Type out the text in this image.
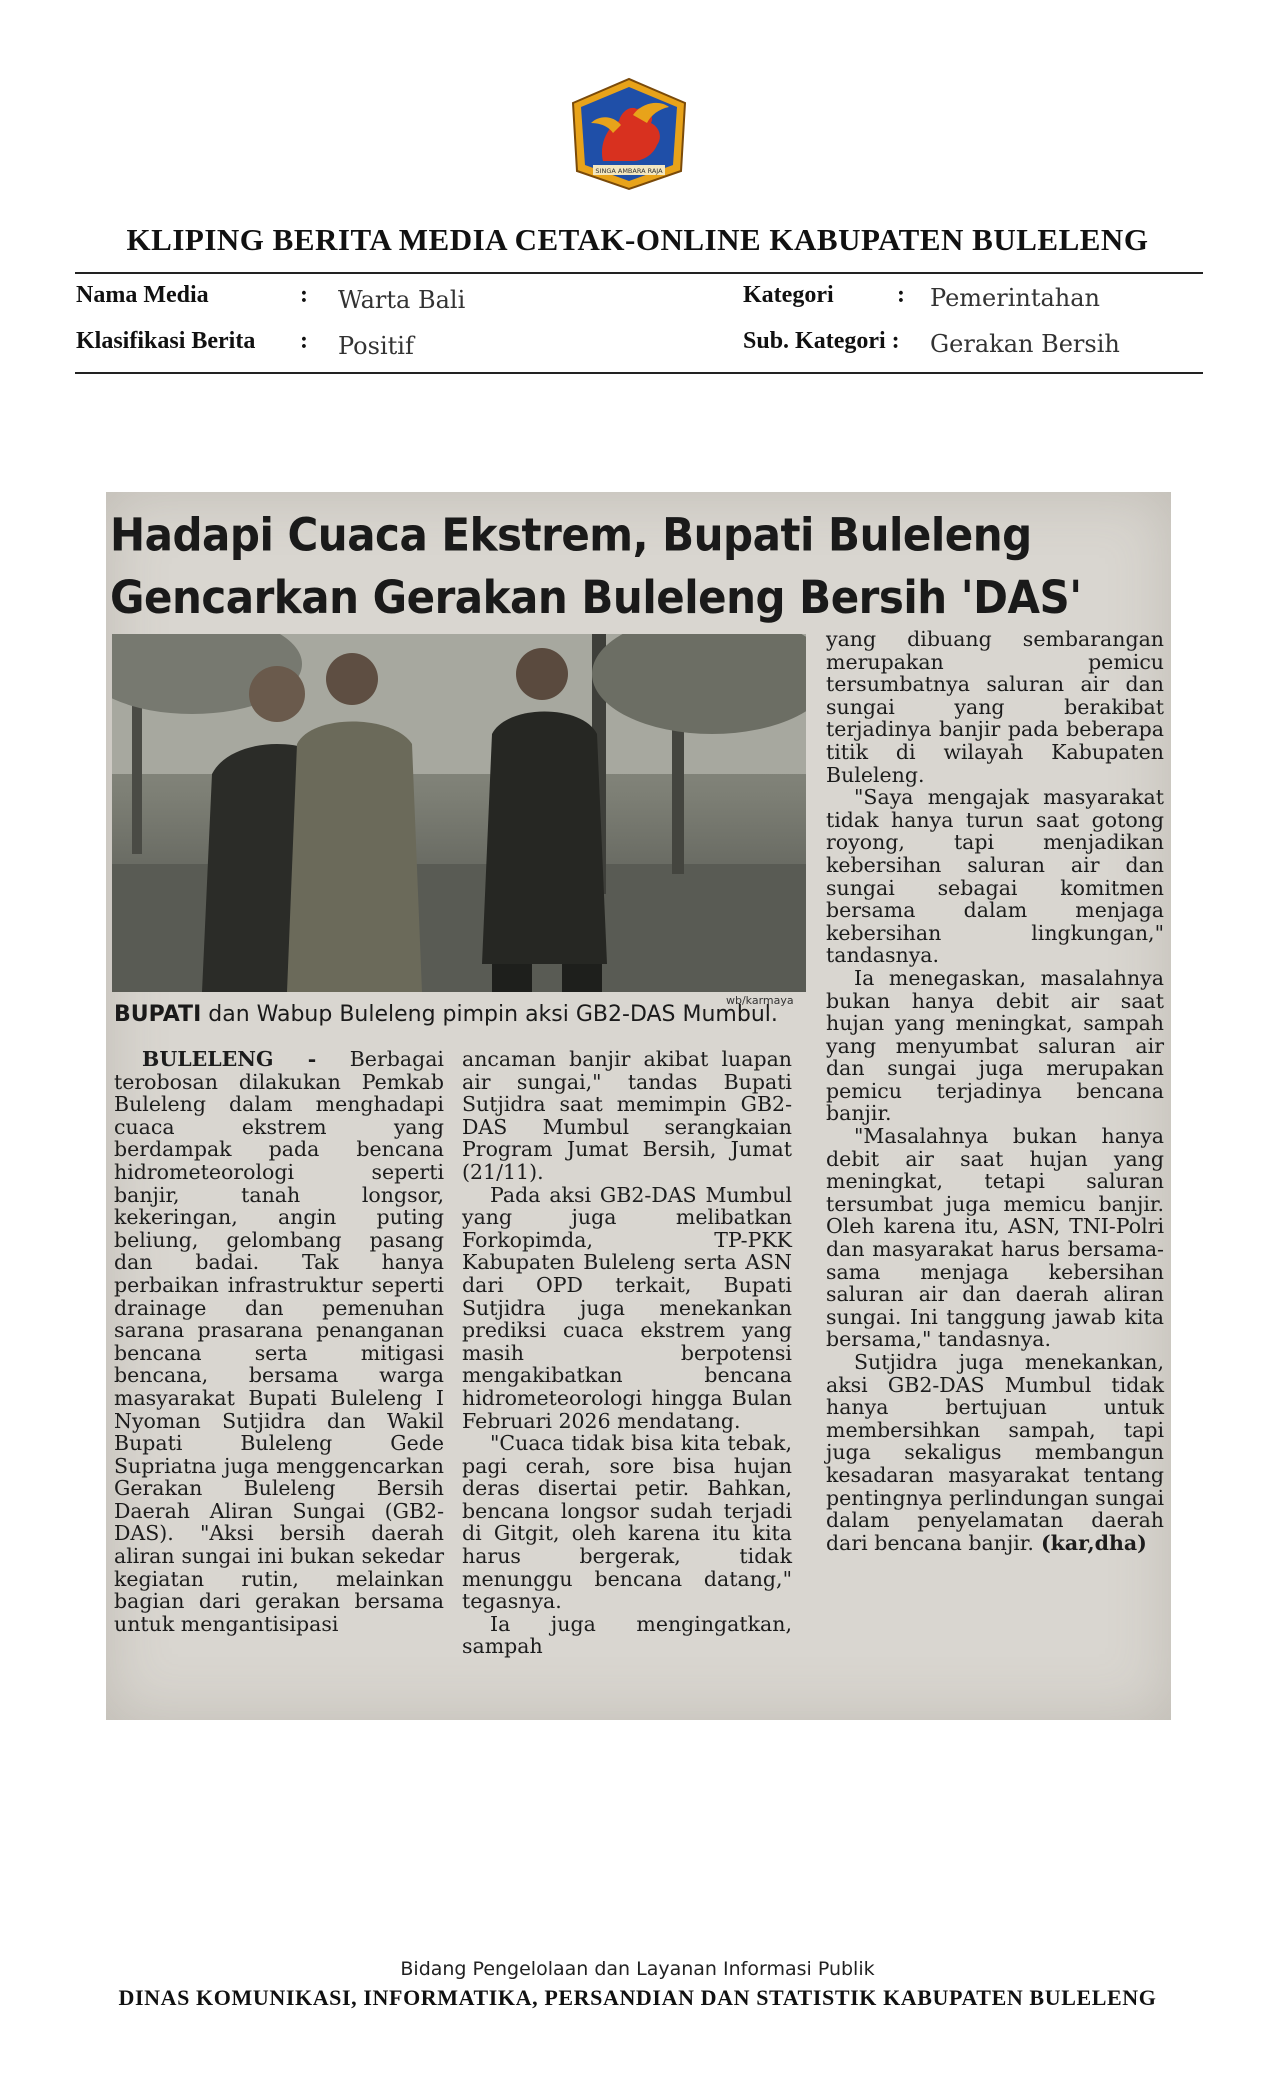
SINGA AMBARA RAJA
KLIPING BERITA MEDIA CETAK-ONLINE KABUPATEN BULELENG
Nama Media	: Warta Bali
Klasifikasi Berita : Positif
Kategori	: Pemerintahan
Sub. Kategori : Gerakan Bersih
Hadapi Cuaca Ekstrem, Bupati Buleleng
Gencarkan Gerakan Buleleng Bersih 'DAS'
wb/karmaya
BUPATI dan Wabup Buleleng pimpin aksi GB2-DAS Mumbul.

BULELENG - Berbagai terobosan dilakukan Pemkab Buleleng dalam menghadapi cuaca ekstrem yang berdampak pada bencana hidrometeorologi seperti banjir, tanah longsor, kekeringan, angin puting beliung, gelombang pasang dan badai. Tak hanya perbaikan infrastruktur seperti drainage dan pemenuhan sarana prasarana penanganan bencana serta mitigasi bencana, bersama warga masyarakat Bupati Buleleng I Nyoman Sutjidra dan Wakil Bupati Buleleng Gede Supriatna juga menggencarkan Gerakan Buleleng Bersih Daerah Aliran Sungai (GB2-DAS). "Aksi bersih daerah aliran sungai ini bukan sekedar kegiatan rutin, melainkan bagian dari gerakan bersama untuk mengantisipasi

ancaman banjir akibat luapan air sungai," tandas Bupati Sutjidra saat memimpin GB2-DAS Mumbul serangkaian Program Jumat Bersih, Jumat (21/11).

Pada aksi GB2-DAS Mumbul yang juga melibatkan Forkopimda, TP-PKK Kabupaten Buleleng serta ASN dari OPD terkait, Bupati Sutjidra juga menekankan prediksi cuaca ekstrem yang masih berpotensi mengakibatkan bencana hidrometeorologi hingga Bulan Februari 2026 mendatang.

"Cuaca tidak bisa kita tebak, pagi cerah, sore bisa hujan deras disertai petir. Bahkan, bencana longsor sudah terjadi di Gitgit, oleh karena itu kita harus bergerak, tidak menunggu bencana datang," tegasnya.

Ia juga mengingatkan, sampah

yang dibuang sembarangan merupakan pemicu tersumbatnya saluran air dan sungai yang berakibat terjadinya banjir pada beberapa titik di wilayah Kabupaten Buleleng.

"Saya mengajak masyarakat tidak hanya turun saat gotong royong, tapi menjadikan kebersihan saluran air dan sungai sebagai komitmen bersama dalam menjaga kebersihan lingkungan," tandasnya.

Ia menegaskan, masalahnya bukan hanya debit air saat hujan yang meningkat, sampah yang menyumbat saluran air dan sungai juga merupakan pemicu terjadinya bencana banjir.

"Masalahnya bukan hanya debit air saat hujan yang meningkat, tetapi saluran tersumbat juga memicu banjir. Oleh karena itu, ASN, TNI-Polri dan masyarakat harus bersama-sama menjaga kebersihan saluran air dan daerah aliran sungai. Ini tanggung jawab kita bersama," tandasnya.

Sutjidra juga menekankan, aksi GB2-DAS Mumbul tidak hanya bertujuan untuk membersihkan sampah, tapi juga sekaligus membangun kesadaran masyarakat tentang pentingnya perlindungan sungai dalam penyelamatan daerah dari bencana banjir. (kar,dha)

Bidang Pengelolaan dan Layanan Informasi Publik
DINAS KOMUNIKASI, INFORMATIKA, PERSANDIAN DAN STATISTIK KABUPATEN BULELENG
